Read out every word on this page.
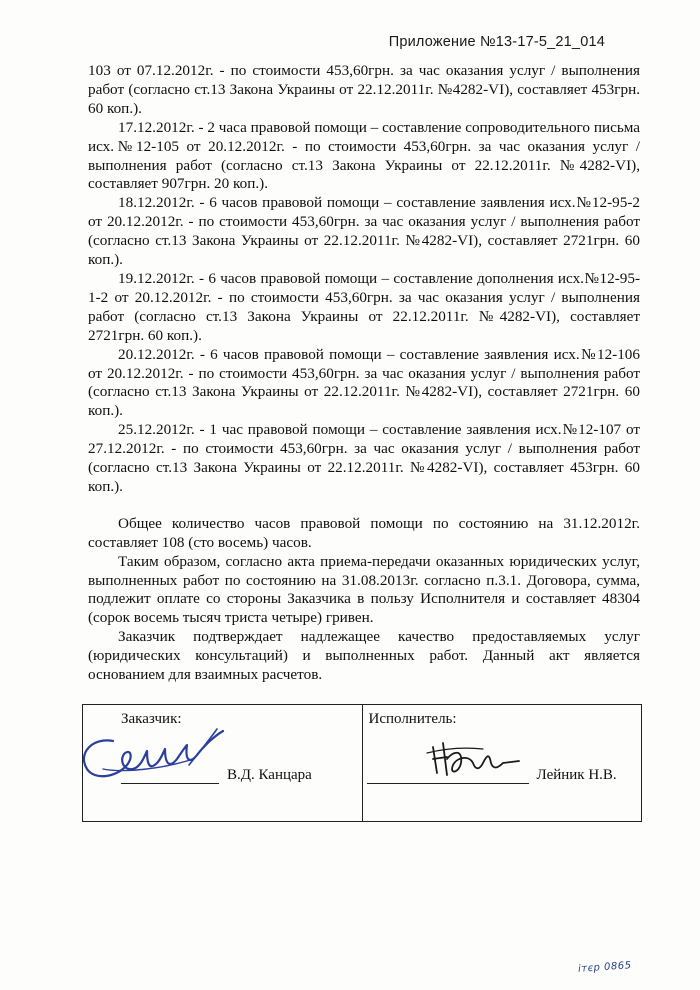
Приложение №13-17-5_21_014

103 от 07.12.2012г. - по стоимости 453,60грн. за час оказания услуг / выполнения работ (согласно ст.13 Закона Украины от 22.12.2011г. №4282-VI), составляет 453грн. 60 коп.).

17.12.2012г. - 2 часа правовой помощи – составление сопроводительного письма исх.№12-105 от 20.12.2012г. - по стоимости 453,60грн. за час оказания услуг / выполнения работ (согласно ст.13 Закона Украины от 22.12.2011г. №4282-VI), составляет 907грн. 20 коп.).

18.12.2012г. - 6 часов правовой помощи – составление заявления исх.№12-95-2 от 20.12.2012г. - по стоимости 453,60грн. за час оказания услуг / выполнения работ (согласно ст.13 Закона Украины от 22.12.2011г. №4282-VI), составляет 2721грн. 60 коп.).

19.12.2012г. - 6 часов правовой помощи – составление дополнения исх.№12-95-1-2 от 20.12.2012г. - по стоимости 453,60грн. за час оказания услуг / выполнения работ (согласно ст.13 Закона Украины от 22.12.2011г. №4282-VI), составляет 2721грн. 60 коп.).

20.12.2012г. - 6 часов правовой помощи – составление заявления исх.№12-106 от 20.12.2012г. - по стоимости 453,60грн. за час оказания услуг / выполнения работ (согласно ст.13 Закона Украины от 22.12.2011г. №4282-VI), составляет 2721грн. 60 коп.).

25.12.2012г. - 1 час правовой помощи – составление заявления исх.№12-107 от 27.12.2012г. - по стоимости 453,60грн. за час оказания услуг / выполнения работ (согласно ст.13 Закона Украины от 22.12.2011г. №4282-VI), составляет 453грн. 60 коп.).

Общее количество часов правовой помощи по состоянию на 31.12.2012г. составляет 108 (сто восемь) часов.

Таким образом, согласно акта приема-передачи оказанных юридических услуг, выполненных работ по состоянию на 31.08.2013г. согласно п.3.1. Договора, сумма, подлежит оплате со стороны Заказчика в пользу Исполнителя и составляет 48304 (сорок восемь тысяч триста четыре) гривен.

Заказчик подтверждает надлежащее качество предоставляемых услуг (юридических консультаций) и выполненных работ. Данный акт является основанием для взаимных расчетов.

Заказчик:
В.Д. Канцара
Исполнитель:
Лейник Н.В.
ітєр 0865
